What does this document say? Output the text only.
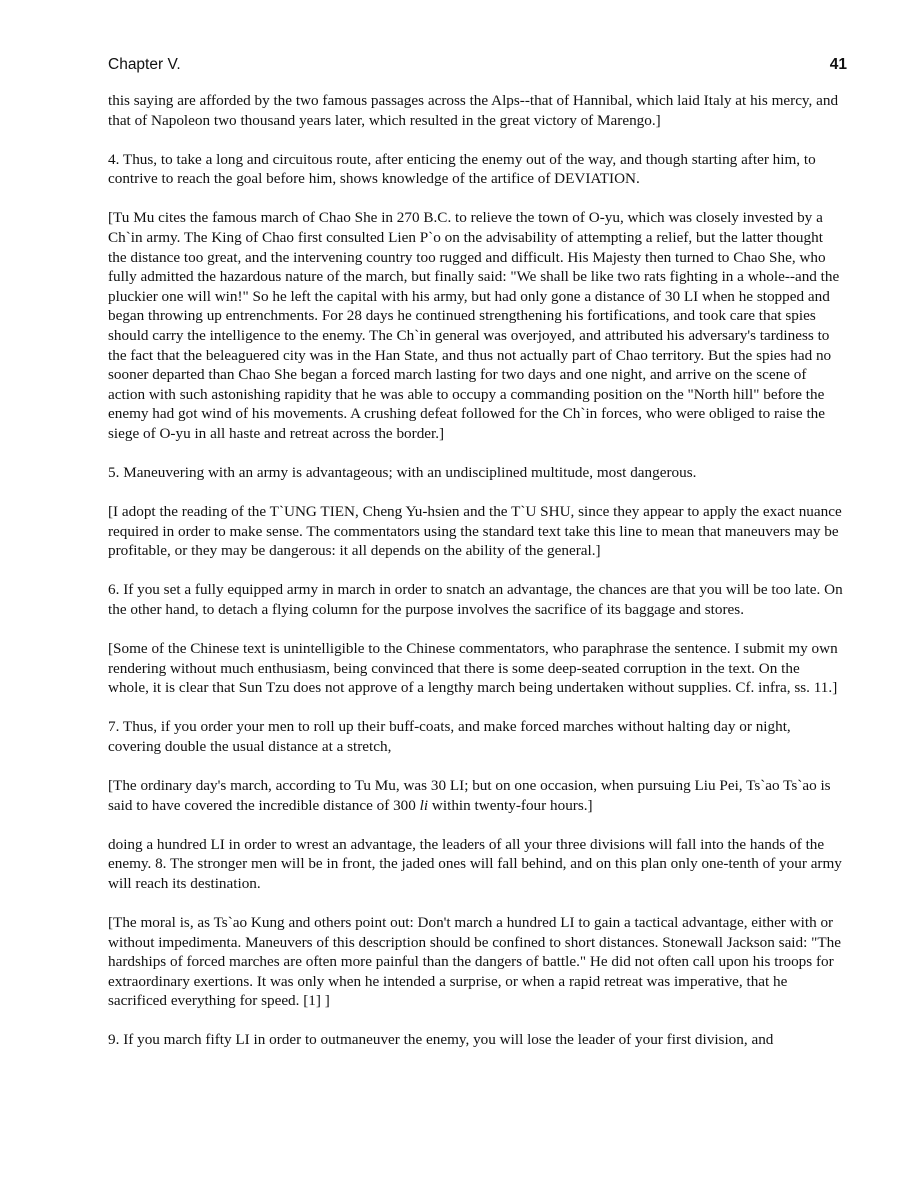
Chapter V.	41

this saying are afforded by the two famous passages across the Alps--that of Hannibal, which laid Italy at his mercy, and that of Napoleon two thousand years later, which resulted in the great victory of Marengo.]

4. Thus, to take a long and circuitous route, after enticing the enemy out of the way, and though starting after him, to contrive to reach the goal before him, shows knowledge of the artifice of DEVIATION.

[Tu Mu cites the famous march of Chao She in 270 B.C. to relieve the town of O-yu, which was closely invested by a Ch`in army. The King of Chao first consulted Lien P`o on the advisability of attempting a relief, but the latter thought the distance too great, and the intervening country too rugged and difficult. His Majesty then turned to Chao She, who fully admitted the hazardous nature of the march, but finally said: "We shall be like two rats fighting in a whole--and the pluckier one will win!" So he left the capital with his army, but had only gone a distance of 30 LI when he stopped and began throwing up entrenchments. For 28 days he continued strengthening his fortifications, and took care that spies should carry the intelligence to the enemy. The Ch`in general was overjoyed, and attributed his adversary's tardiness to the fact that the beleaguered city was in the Han State, and thus not actually part of Chao territory. But the spies had no sooner departed than Chao She began a forced march lasting for two days and one night, and arrive on the scene of action with such astonishing rapidity that he was able to occupy a commanding position on the "North hill" before the enemy had got wind of his movements. A crushing defeat followed for the Ch`in forces, who were obliged to raise the siege of O-yu in all haste and retreat across the border.]

5. Maneuvering with an army is advantageous; with an undisciplined multitude, most dangerous.

[I adopt the reading of the T`UNG TIEN, Cheng Yu-hsien and the T`U SHU, since they appear to apply the exact nuance required in order to make sense. The commentators using the standard text take this line to mean that maneuvers may be profitable, or they may be dangerous: it all depends on the ability of the general.]

6. If you set a fully equipped army in march in order to snatch an advantage, the chances are that you will be too late. On the other hand, to detach a flying column for the purpose involves the sacrifice of its baggage and stores.

[Some of the Chinese text is unintelligible to the Chinese commentators, who paraphrase the sentence. I submit my own rendering without much enthusiasm, being convinced that there is some deep-seated corruption in the text. On the whole, it is clear that Sun Tzu does not approve of a lengthy march being undertaken without supplies. Cf. infra, ss. 11.]

7. Thus, if you order your men to roll up their buff-coats, and make forced marches without halting day or night, covering double the usual distance at a stretch,

[The ordinary day's march, according to Tu Mu, was 30 LI; but on one occasion, when pursuing Liu Pei, Ts`ao Ts`ao is said to have covered the incredible distance of 300 li within twenty-four hours.]

doing a hundred LI in order to wrest an advantage, the leaders of all your three divisions will fall into the hands of the enemy. 8. The stronger men will be in front, the jaded ones will fall behind, and on this plan only one-tenth of your army will reach its destination.

[The moral is, as Ts`ao Kung and others point out: Don't march a hundred LI to gain a tactical advantage, either with or without impedimenta. Maneuvers of this description should be confined to short distances. Stonewall Jackson said: "The hardships of forced marches are often more painful than the dangers of battle." He did not often call upon his troops for extraordinary exertions. It was only when he intended a surprise, or when a rapid retreat was imperative, that he sacrificed everything for speed. [1] ]

9. If you march fifty LI in order to outmaneuver the enemy, you will lose the leader of your first division, and
